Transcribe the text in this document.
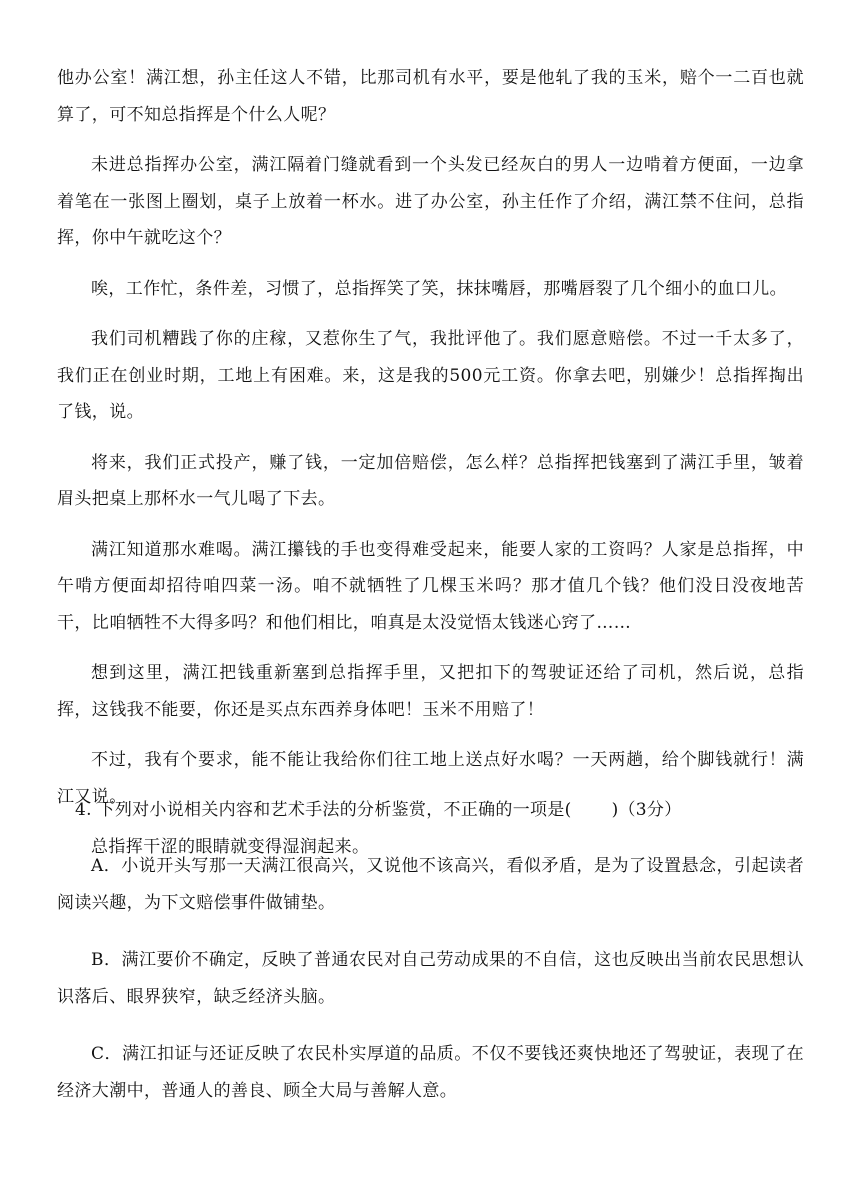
他办公室！满江想，孙主任这人不错，比那司机有水平，要是他轧了我的玉米，赔个一二百也就算了，可不知总指挥是个什么人呢？

未进总指挥办公室，满江隔着门缝就看到一个头发已经灰白的男人一边啃着方便面，一边拿着笔在一张图上圈划，桌子上放着一杯水。进了办公室，孙主任作了介绍，满江禁不住问，总指挥，你中午就吃这个？

唉，工作忙，条件差，习惯了，总指挥笑了笑，抹抹嘴唇，那嘴唇裂了几个细小的血口儿。

我们司机糟践了你的庄稼，又惹你生了气，我批评他了。我们愿意赔偿。不过一千太多了，我们正在创业时期，工地上有困难。来，这是我的500元工资。你拿去吧，别嫌少！总指挥掏出了钱，说。

将来，我们正式投产，赚了钱，一定加倍赔偿，怎么样？总指挥把钱塞到了满江手里，皱着眉头把桌上那杯水一气儿喝了下去。

满江知道那水难喝。满江攥钱的手也变得难受起来，能要人家的工资吗？人家是总指挥，中午啃方便面却招待咱四菜一汤。咱不就牺牲了几棵玉米吗？那才值几个钱？他们没日没夜地苦干，比咱牺牲不大得多吗？和他们相比，咱真是太没觉悟太钱迷心窍了……

想到这里，满江把钱重新塞到总指挥手里，又把扣下的驾驶证还给了司机，然后说，总指挥，这钱我不能要，你还是买点东西养身体吧！玉米不用赔了！

不过，我有个要求，能不能让我给你们往工地上送点好水喝？一天两趟，给个脚钱就行！满江又说。

总指挥干涩的眼睛就变得湿润起来。

4. 下列对小说相关内容和艺术手法的分析鉴赏，不正确的一项是( )（3分）
A．小说开头写那一天满江很高兴，又说他不该高兴，看似矛盾，是为了设置悬念，引起读者阅读兴趣，为下文赔偿事件做铺垫。
B．满江要价不确定，反映了普通农民对自己劳动成果的不自信，这也反映出当前农民思想认识落后、眼界狭窄，缺乏经济头脑。
C．满江扣证与还证反映了农民朴实厚道的品质。不仅不要钱还爽快地还了驾驶证，表现了在经济大潮中，普通人的善良、顾全大局与善解人意。
